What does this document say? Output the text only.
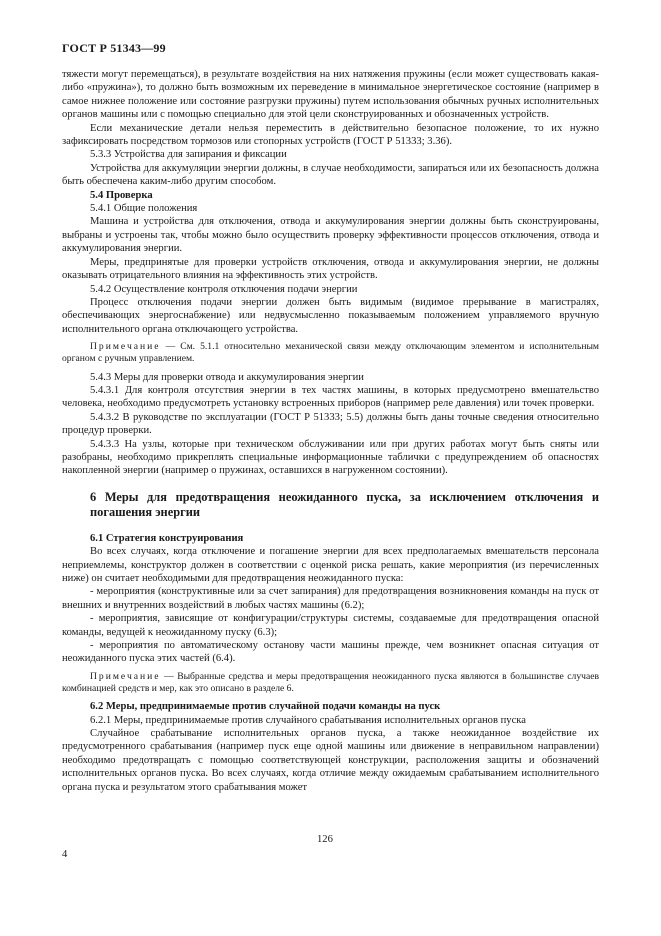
ГОСТ Р 51343—99

тяжести могут перемещаться), в результате воздействия на них натяжения пружины (если может существовать какая-либо «пружина»), то должно быть возможным их переведение в минимальное энергетическое состояние (например в самое нижнее положение или состояние разгрузки пружины) путем использования обычных ручных исполнительных органов машины или с помощью специально для этой цели сконструированных и обозначенных устройств.

Если механические детали нельзя переместить в действительно безопасное положение, то их нужно зафиксировать посредством тормозов или стопорных устройств (ГОСТ Р 51333; 3.36).

5.3.3 Устройства для запирания и фиксации

Устройства для аккумуляции энергии должны, в случае необходимости, запираться или их безопасность должна быть обеспечена каким-либо другим способом.

5.4 Проверка

5.4.1 Общие положения

Машина и устройства для отключения, отвода и аккумулирования энергии должны быть сконструированы, выбраны и устроены так, чтобы можно было осуществить проверку эффективности процессов отключения, отвода и аккумулирования энергии.

Меры, предпринятые для проверки устройств отключения, отвода и аккумулирования энергии, не должны оказывать отрицательного влияния на эффективность этих устройств.

5.4.2 Осуществление контроля отключения подачи энергии

Процесс отключения подачи энергии должен быть видимым (видимое прерывание в магистралях, обеспечивающих энергоснабжение) или недвусмысленно показываемым положением управляемого вручную исполнительного органа отключающего устройства.

Примечание — См. 5.1.1 относительно механической связи между отключающим элементом и исполнительным органом с ручным управлением.

5.4.3 Меры для проверки отвода и аккумулирования энергии

5.4.3.1 Для контроля отсутствия энергии в тех частях машины, в которых предусмотрено вмешательство человека, необходимо предусмотреть установку встроенных приборов (например реле давления) или точек проверки.

5.4.3.2 В руководстве по эксплуатации (ГОСТ Р 51333; 5.5) должны быть даны точные сведения относительно процедур проверки.

5.4.3.3 На узлы, которые при техническом обслуживании или при других работах могут быть сняты или разобраны, необходимо прикреплять специальные информационные таблички с предупреждением об опасностях накопленной энергии (например о пружинах, оставшихся в нагруженном состоянии).

6 Меры для предотвращения неожиданного пуска, за исключением отключения и погашения энергии

6.1 Стратегия конструирования

Во всех случаях, когда отключение и погашение энергии для всех предполагаемых вмешательств персонала неприемлемы, конструктор должен в соответствии с оценкой риска решать, какие мероприятия (из перечисленных ниже) он считает необходимыми для предотвращения неожиданного пуска:

- мероприятия (конструктивные или за счет запирания) для предотвращения возникновения команды на пуск от внешних и внутренних воздействий в любых частях машины (6.2);

- мероприятия, зависящие от конфигурации/структуры системы, создаваемые для предотвращения опасной команды, ведущей к неожиданному пуску (6.3);

- мероприятия по автоматическому останову части машины прежде, чем возникнет опасная ситуация от неожиданного пуска этих частей (6.4).

Примечание — Выбранные средства и меры предотвращения неожиданного пуска являются в большинстве случаев комбинацией средств и мер, как это описано в разделе 6.

6.2 Меры, предпринимаемые против случайной подачи команды на пуск

6.2.1 Меры, предпринимаемые против случайного срабатывания исполнительных органов пуска

Случайное срабатывание исполнительных органов пуска, а также неожиданное воздействие их предусмотренного срабатывания (например пуск еще одной машины или движение в неправильном направлении) необходимо предотвращать с помощью соответствующей конструкции, расположения защиты и обозначений исполнительных органов пуска. Во всех случаях, когда отличие между ожидаемым срабатыванием исполнительного органа пуска и результатом этого срабатывания может

126
4
